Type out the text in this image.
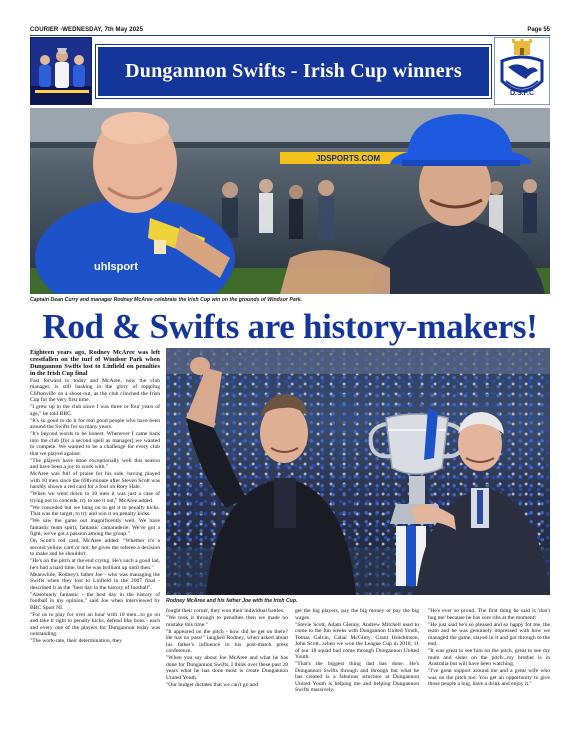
COURIER -WEDNESDAY, 7th May 2025	Page 55
Dungannon Swifts - Irish Cup winners
D.S.F.C
JDSPORTS.COM
uhlsport
Captain Dean Curry and manager Rodney McAree celebrate the Irish Cup win on the grounds of Windsor Park.
Rod & Swifts are history-makers!

Eighteen years ago, Rodney McAree was left crestfallen on the turf of Windsor Park when Dungannon Swifts lost to Linfield on penalties in the Irish Cup final

Fast forward to today and McAree, now the club manager, is still basking in the glory of toppling Cliftonville on a shoot-out, as the club clinched the Irish Cup for the very first time.

"I grew up in the club since I was three or four years of age," he told BBC.

"It's so good to do it for real good people who have been around the Swifts for so many years.

"It's beyond words to be honest. Whenever I came back into the club [for a second spell as manager] we wanted to compete. We wanted to be a challenge for every club that we played against.

"The players have done exceptionally well this season and have been a joy to work with."

McAree was full of praise for his side, having played with 10 men since the 69th-minute after Steven Scott was harshly shown a red card for a foul on Rory Hale.

"When we went down to 10 men it was just a case of trying not to concede, try to see it out," McAree added.

"We conceded but we hung on to get it to penalty kicks. That was the target, to try and win it on penalty kicks.

"We saw the game out magnificently well. We have fantastic team spirit, fantastic camaraderie. We've got a fight, we've got a passion among the group."

On Scott's red card, McAree added: "Whether it's a second yellow card or not; he gives the referee a decision to make and he shouldn't.

"He's on the pitch at the end crying. He's such a good lad, he's had a hard time, but he was brilliant up until then."

Meanwhile, Rodney's father Joe - who was managing the Swifts when they lost to Linfield in the 2007 final - described it as the "best day in the history of football".

"Absolutely fantastic - the best day in the history of football in my opinion," said Joe when interviewed by BBC Sport NI.

"For us to play for over an hour with 10 men...to go on and take it right to penalty kicks, defend like lions - each and every one of the players for Dungannon today was outstanding.

"The work-rate, their determination, they

Rodney McAree and his father Joe with the Irish Cup.

fought their corner, they won their individual battles.

"We took it through to penalties then we made no mistake this time."

"It appeared on the pitch - how did he get on there? He has no pass!" laughed Rodney, when asked about his father's influence in his post-match press conference.

"When you say about Joe McAree and what he has done for Dungannon Swifts, I think over these past 28 years what he has done most is create Dungannon United Youth.

"Our budget dictates that we can't go and

get the big players, pay the big money or pay the big wages.

"Stevie Scott, Adam Glenny, Andrew Mitchell used to come to the fun weeks with Dungannon United Youth, Tomas Galvin, Cahal McGinty, Grant Hutchinson, John Scott...when we won the League Cup in 2018, 11 of our 18 squad had come through Dungannon United Youth.

"That's the biggest thing dad has done. He's Dungannon Swifts through and through but what he has created is a fabulous structure at Dungannon United Youth is helping me and helping Dungannon Swifts massively.

"He's ever so proud. The first thing he said is 'don't hug me' because he has sore ribs at the moment!

"He just said he's so pleased and so happy for me, the team and he was genuinely impressed with how we managed the game, stayed in it and got through to the end.

"It was great to see him on the pitch, great to see my mum and sister on the pitch...my brother is in Australia but will have been watching.

"I've great support around me and a great wife who was on the pitch too. You get an opportunity to give those people a hug, have a drink and enjoy it."
